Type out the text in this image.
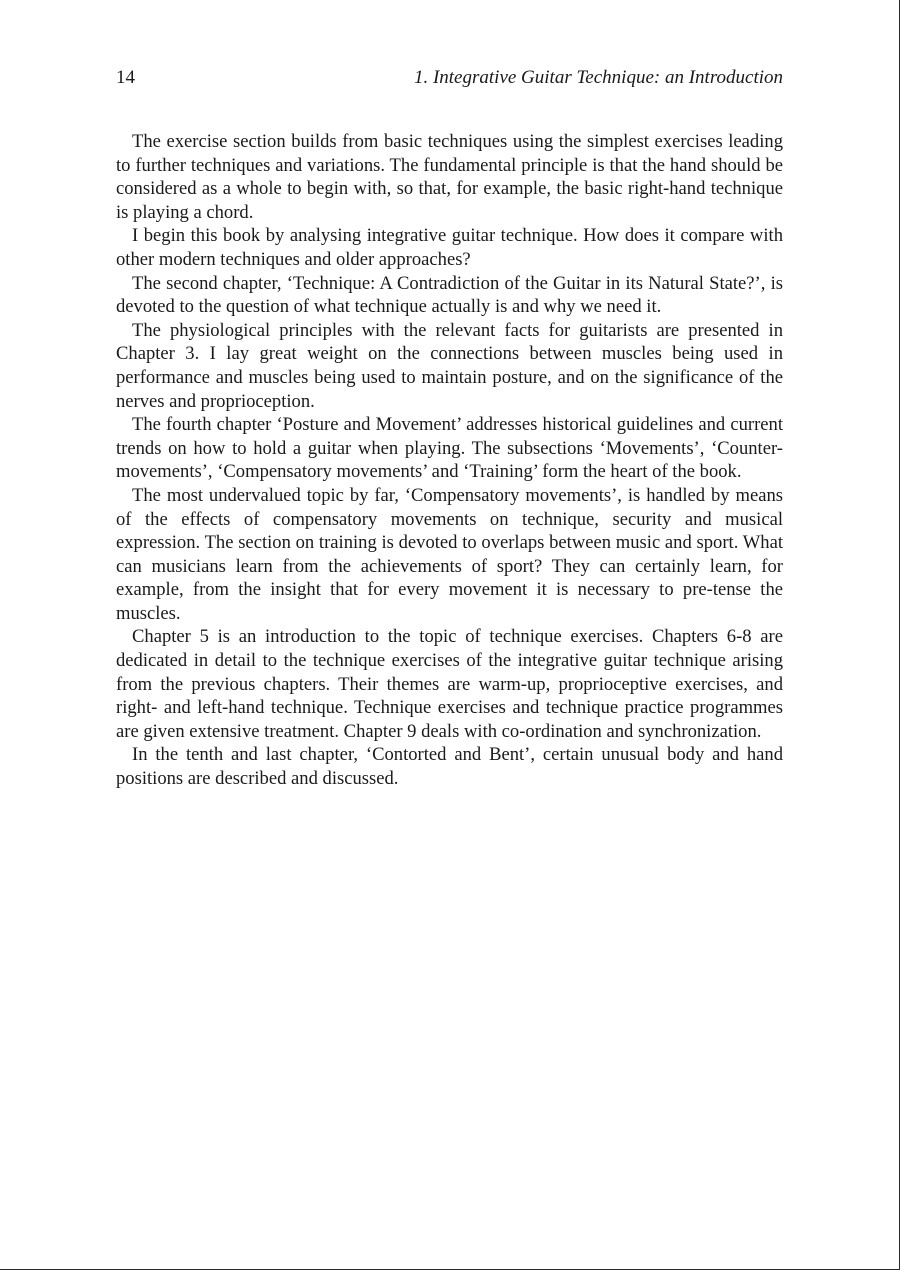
14	1. Integrative Guitar Technique: an Introduction

The exercise section builds from basic techniques using the simplest exercises leading to further techniques and variations. The fundamental principle is that the hand should be considered as a whole to begin with, so that, for example, the basic right-hand technique is playing a chord.

I begin this book by analysing integrative guitar technique. How does it compare with other modern techniques and older approaches?

The second chapter, ‘Technique: A Contradiction of the Guitar in its Natural State?’, is devoted to the question of what technique actually is and why we need it.

The physiological principles with the relevant facts for guitarists are presented in Chapter 3. I lay great weight on the connections between muscles being used in performance and muscles being used to maintain posture, and on the significance of the nerves and proprioception.

The fourth chapter ‘Posture and Movement’ addresses historical guidelines and current trends on how to hold a guitar when playing. The subsections ‘Movements’, ‘Counter-movements’, ‘Compensatory movements’ and ‘Training’ form the heart of the book.

The most undervalued topic by far, ‘Compensatory movements’, is handled by means of the effects of compensatory movements on technique, security and musical expression. The section on training is devoted to overlaps between music and sport. What can musicians learn from the achievements of sport? They can certainly learn, for example, from the insight that for every movement it is necessary to pre-tense the muscles.

Chapter 5 is an introduction to the topic of technique exercises. Chapters 6-8 are dedicated in detail to the technique exercises of the integrative guitar technique arising from the previous chapters. Their themes are warm-up, proprioceptive exercises, and right- and left-hand technique. Technique exercises and technique practice programmes are given extensive treatment. Chapter 9 deals with co-ordination and synchronization.

In the tenth and last chapter, ‘Contorted and Bent’, certain unusual body and hand positions are described and discussed.
